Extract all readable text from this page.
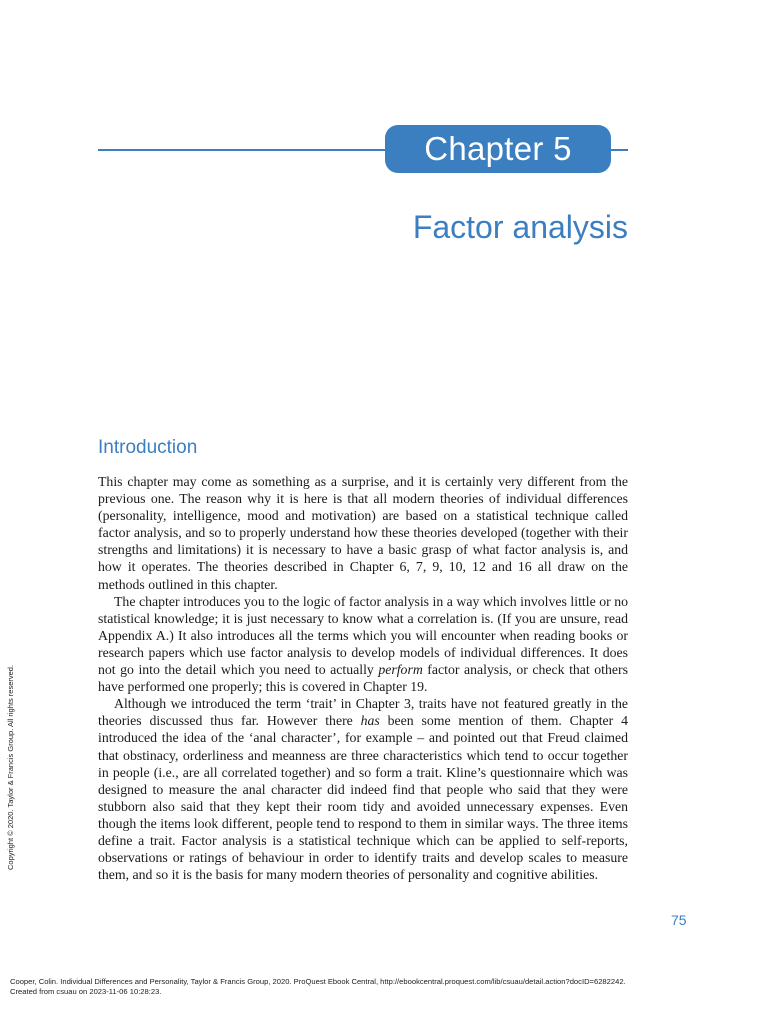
Chapter 5
Factor analysis
Introduction

This chapter may come as something as a surprise, and it is certainly very different from the previous one. The reason why it is here is that all modern theories of individual differences (personality, intelligence, mood and motivation) are based on a statistical technique called factor analysis, and so to properly understand how these theories developed (together with their strengths and limitations) it is necessary to have a basic grasp of what factor analysis is, and how it operates. The theories described in Chapter 6, 7, 9, 10, 12 and 16 all draw on the methods outlined in this chapter.

The chapter introduces you to the logic of factor analysis in a way which involves little or no statistical knowledge; it is just necessary to know what a correlation is. (If you are unsure, read Appendix A.) It also introduces all the terms which you will encounter when reading books or research papers which use factor analysis to develop models of individual differences. It does not go into the detail which you need to actually perform factor analysis, or check that others have performed one properly; this is covered in Chapter 19.

Although we introduced the term ‘trait’ in Chapter 3, traits have not featured greatly in the theories discussed thus far. However there has been some mention of them. Chapter 4 introduced the idea of the ‘anal character’, for example – and pointed out that Freud claimed that obstinacy, orderliness and meanness are three characteristics which tend to occur together in people (i.e., are all correlated together) and so form a trait. Kline’s questionnaire which was designed to measure the anal character did indeed find that people who said that they were stubborn also said that they kept their room tidy and avoided unnecessary expenses. Even though the items look different, people tend to respond to them in similar ways. The three items define a trait. Factor analysis is a statistical technique which can be applied to self-reports, observations or ratings of behaviour in order to identify traits and develop scales to measure them, and so it is the basis for many modern theories of personality and cognitive abilities.

75
Copyright © 2020. Taylor & Francis Group. All rights reserved.
Cooper, Colin. Individual Differences and Personality, Taylor & Francis Group, 2020. ProQuest Ebook Central, http://ebookcentral.proquest.com/lib/csuau/detail.action?docID=6282242.
Created from csuau on 2023-11-06 10:28:23.
